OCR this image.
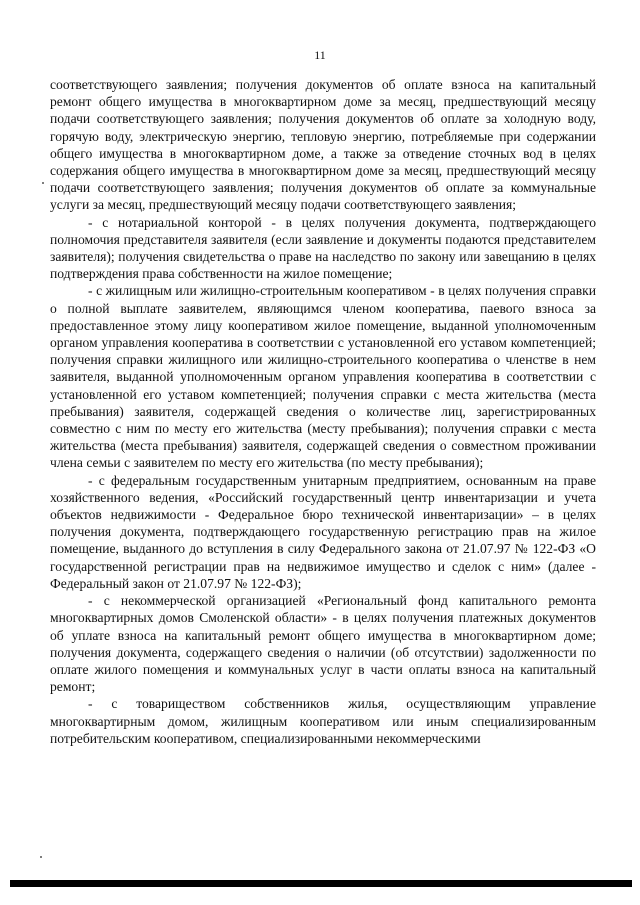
11

соответствующего заявления; получения документов об оплате взноса на капитальный ремонт общего имущества в многоквартирном доме за месяц, предшествующий месяцу подачи соответствующего заявления; получения документов об оплате за холодную воду, горячую воду, электрическую энергию, тепловую энергию, потребляемые при содержании общего имущества в многоквартирном доме, а также за отведение сточных вод в целях содержания общего имущества в многоквартирном доме за месяц, предшествующий месяцу подачи соответствующего заявления; получения документов об оплате за коммунальные услуги за месяц, предшествующий месяцу подачи соответствующего заявления;

- с нотариальной конторой - в целях получения документа, подтверждающего полномочия представителя заявителя (если заявление и документы подаются представителем заявителя); получения свидетельства о праве на наследство по закону или завещанию в целях подтверждения права собственности на жилое помещение;

- с жилищным или жилищно-строительным кооперативом - в целях получения справки о полной выплате заявителем, являющимся членом кооператива, паевого взноса за предоставленное этому лицу кооперативом жилое помещение, выданной уполномоченным органом управления кооператива в соответствии с установленной его уставом компетенцией; получения справки жилищного или жилищно-строительного кооператива о членстве в нем заявителя, выданной уполномоченным органом управления кооператива в соответствии с установленной его уставом компетенцией; получения справки с места жительства (места пребывания) заявителя, содержащей сведения о количестве лиц, зарегистрированных совместно с ним по месту его жительства (месту пребывания); получения справки с места жительства (места пребывания) заявителя, содержащей сведения о совместном проживании члена семьи с заявителем по месту его жительства (по месту пребывания);

- с федеральным государственным унитарным предприятием, основанным на праве хозяйственного ведения, «Российский государственный центр инвентаризации и учета объектов недвижимости - Федеральное бюро технической инвентаризации» – в целях получения документа, подтверждающего государственную регистрацию прав на жилое помещение, выданного до вступления в силу Федерального закона от 21.07.97 № 122-ФЗ «О государственной регистрации прав на недвижимое имущество и сделок с ним» (далее - Федеральный закон от 21.07.97 № 122-ФЗ);

- с некоммерческой организацией «Региональный фонд капитального ремонта многоквартирных домов Смоленской области» - в целях получения платежных документов об уплате взноса на капитальный ремонт общего имущества в многоквартирном доме; получения документа, содержащего сведения о наличии (об отсутствии) задолженности по оплате жилого помещения и коммунальных услуг в части оплаты взноса на капитальный ремонт;

- с товариществом собственников жилья, осуществляющим управление многоквартирным домом, жилищным кооперативом или иным специализированным потребительским кооперативом, специализированными некоммерческими
